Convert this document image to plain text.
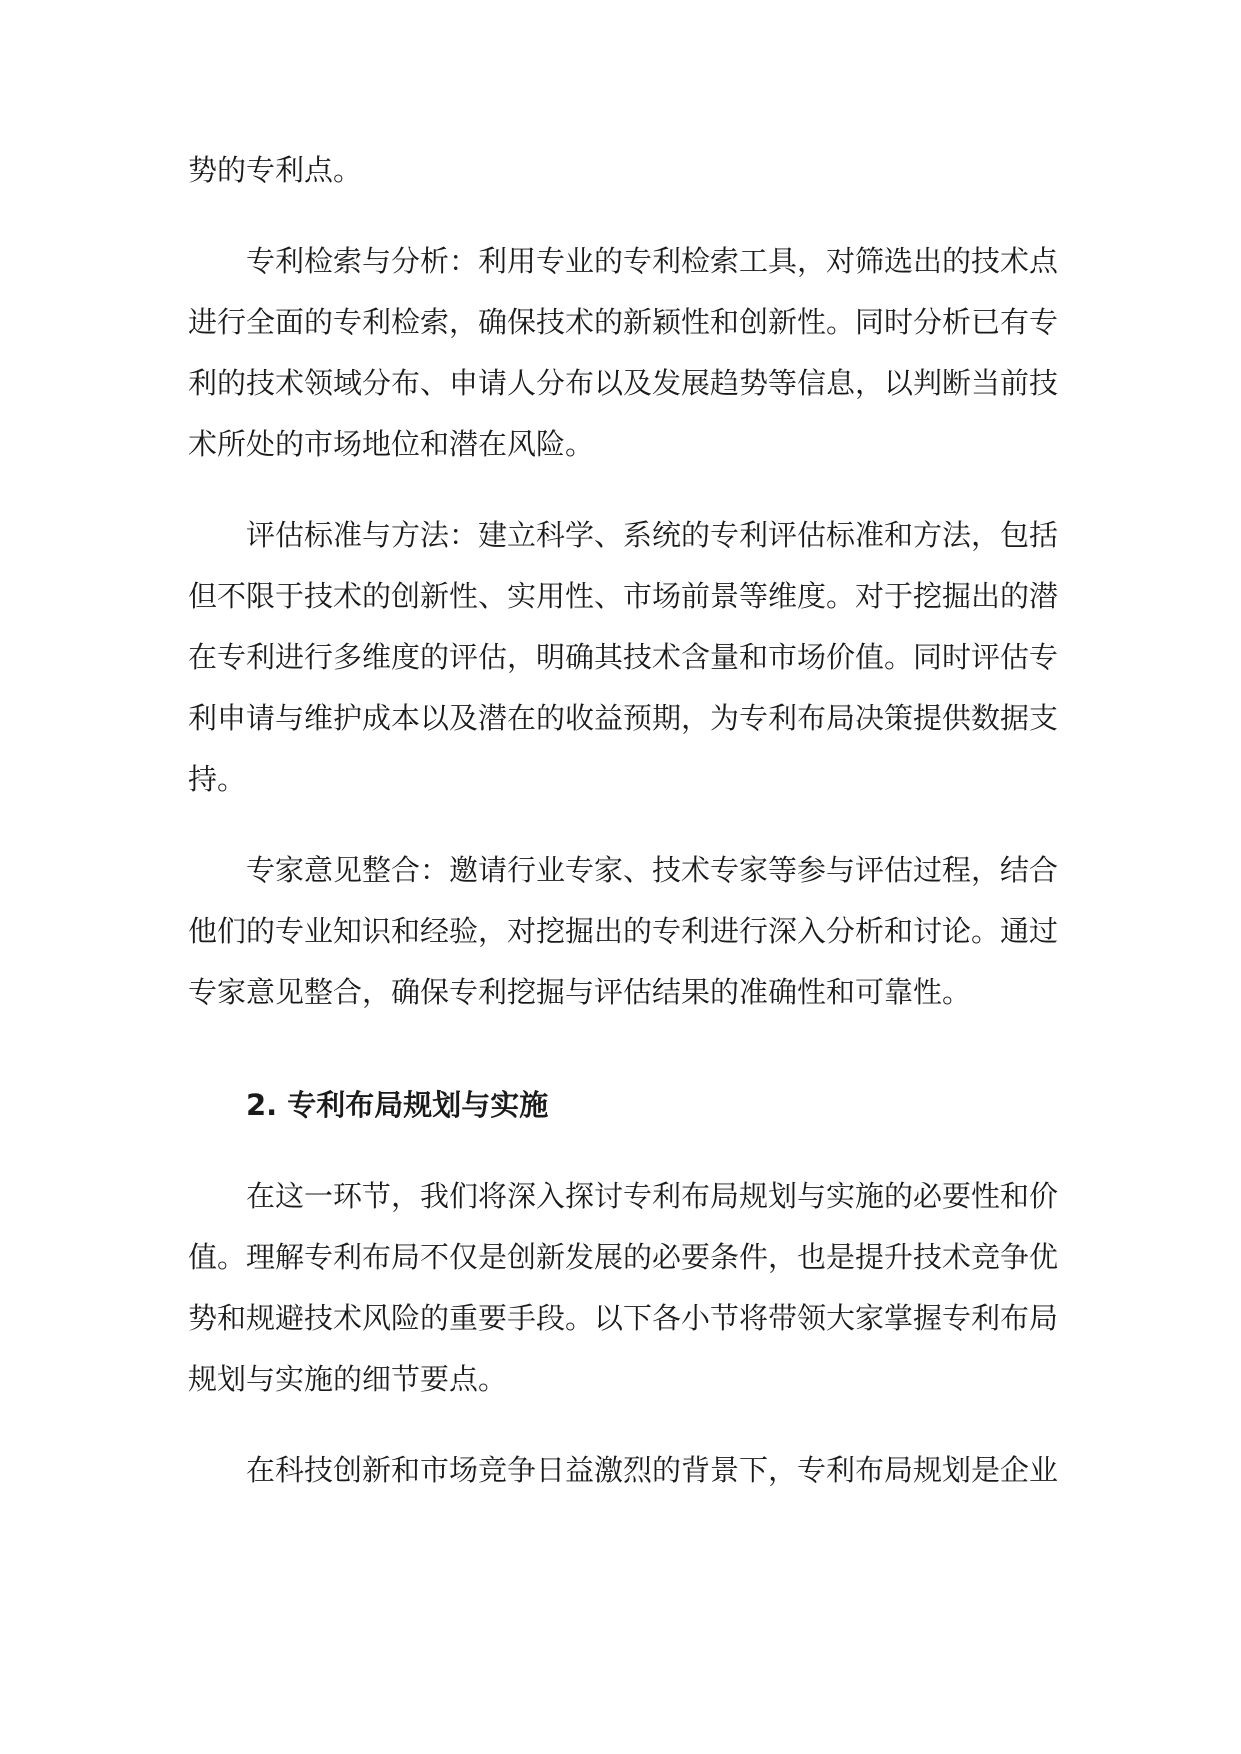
势的专利点。

专利检索与分析：利用专业的专利检索工具，对筛选出的技术点进行全面的专利检索，确保技术的新颖性和创新性。同时分析已有专利的技术领域分布、申请人分布以及发展趋势等信息，以判断当前技术所处的市场地位和潜在风险。

评估标准与方法：建立科学、系统的专利评估标准和方法，包括但不限于技术的创新性、实用性、市场前景等维度。对于挖掘出的潜在专利进行多维度的评估，明确其技术含量和市场价值。同时评估专利申请与维护成本以及潜在的收益预期，为专利布局决策提供数据支持。

专家意见整合：邀请行业专家、技术专家等参与评估过程，结合他们的专业知识和经验，对挖掘出的专利进行深入分析和讨论。通过专家意见整合，确保专利挖掘与评估结果的准确性和可靠性。

2. 专利布局规划与实施

在这一环节，我们将深入探讨专利布局规划与实施的必要性和价值。理解专利布局不仅是创新发展的必要条件，也是提升技术竞争优势和规避技术风险的重要手段。以下各小节将带领大家掌握专利布局规划与实施的细节要点。

在科技创新和市场竞争日益激烈的背景下，专利布局规划是企业
